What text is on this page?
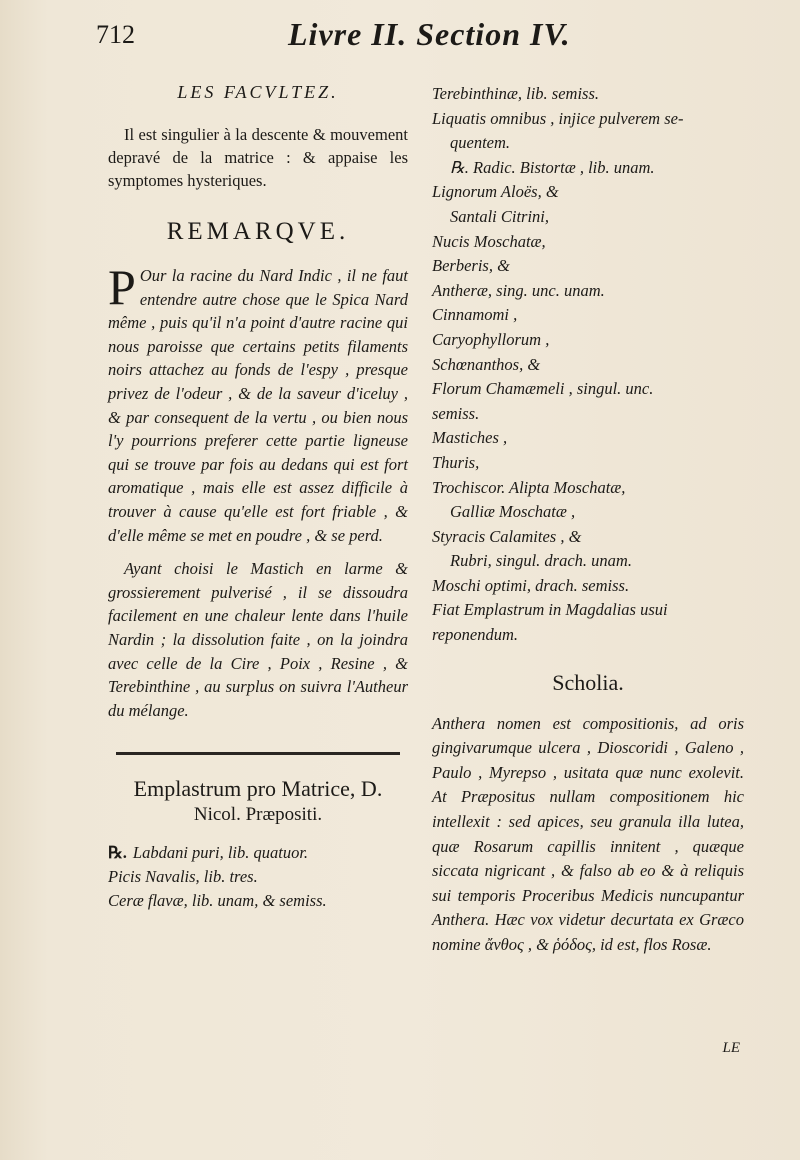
712	Livre II. Section IV.

LES FACVLTEZ.

Il est singulier à la descente & mouvement depravé de la matrice : & appaise les symptomes hysteriques.

REMARQVE.

P Our la racine du Nard Indic , il ne faut entendre autre chose que le Spica Nard même , puis qu'il n'a point d'autre racine qui nous paroisse que certains petits filaments noirs attachez au fonds de l'espy , presque privez de l'odeur , & de la saveur d'iceluy , & par consequent de la vertu , ou bien nous l'y pourrions preferer cette partie ligneuse qui se trouve par fois au dedans qui est fort aromatique , mais elle est assez difficile à trouver à cause qu'elle est fort friable , & d'elle même se met en poudre , & se perd.

Ayant choisi le Mastich en larme & grossierement pulverisé , il se dissoudra facilement en une chaleur lente dans l'huile Nardin ; la dissolution faite , on la joindra avec celle de la Cire , Poix , Resine , & Terebinthine , au surplus on suivra l'Autheur du mélange.

Emplastrum pro Matrice, D.

Nicol. Præpositi.

℞. Labdani puri, lib. quatuor.

Picis Navalis, lib. tres.

Ceræ flavæ, lib. unam, & semiss.

Terebinthinæ, lib. semiss.

Liquatis omnibus , injice pulverem se-

quentem.

℞. Radic. Bistortæ , lib. unam.

Lignorum Aloës, &

Santali Citrini,

Nucis Moschatæ,

Berberis, &

Antheræ, sing. unc. unam.

Cinnamomi ,

Caryophyllorum ,

Schœnanthos, &

Florum Chamæmeli , singul. unc.

semiss.

Mastiches ,

Thuris,

Trochiscor. Alipta Moschatæ,

Galliæ Moschatæ ,

Styracis Calamites , &

Rubri, singul. drach. unam.

Moschi optimi, drach. semiss.

Fiat Emplastrum in Magdalias usui

reponendum.

Scholia.

Anthera nomen est compositionis, ad oris gingivarumque ulcera , Dioscoridi , Galeno , Paulo , Myrepso , usitata quæ nunc exolevit. At Præpositus nullam compositionem hic intellexit : sed apices, seu granula illa lutea, quæ Rosarum capillis innitent , quæque siccata nigricant , & falso ab eo & à reliquis sui temporis Proceribus Medicis nuncupantur Anthera. Hæc vox videtur decurtata ex Græco nomine ἄνθος , & ῥόδος, id est, flos Rosæ.

LE
